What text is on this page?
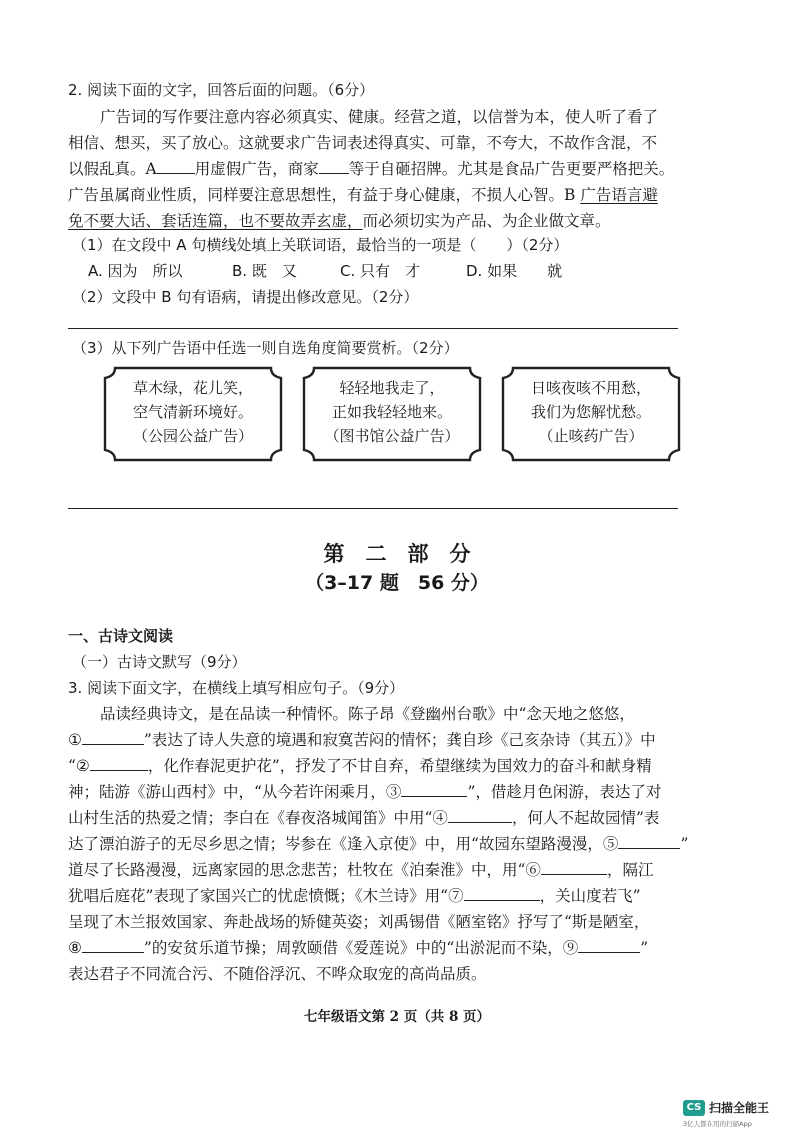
2. 阅读下面的文字，回答后面的问题。（6分）
广告词的写作要注意内容必须真实、健康。经营之道，以信誉为本，使人听了看了
相信、想买，买了放心。这就要求广告词表述得真实、可靠，不夸大，不故作含混，不
以假乱真。A 用虚假广告，商家 等于自砸招牌。尤其是食品广告更要严格把关。
广告虽属商业性质，同样要注意思想性，有益于身心健康，不损人心智。B 广告语言避
免不要大话、套话连篇，也不要故弄玄虚，而必须切实为产品、为企业做文章。
（1）在文段中 A 句横线处填上关联词语，最恰当的一项是（　　）（2分）
A. 因为　所以	B. 既　又	C. 只有　才	D. 如果　　就
（2）文段中 B 句有语病，请提出修改意见。（2分）
（3）从下列广告语中任选一则自选角度简要赏析。（2分）
草木绿，花儿笑，
空气清新环境好。
（公园公益广告）
轻轻地我走了，
正如我轻轻地来。
（图书馆公益广告）
日咳夜咳不用愁，
我们为您解忧愁。
（止咳药广告）
第　二　部　分
（3–17 题　56 分）
一、古诗文阅读
（一）古诗文默写（9分）
3. 阅读下面文字，在横线上填写相应句子。（9分）
品读经典诗文，是在品读一种情怀。陈子昂《登幽州台歌》中“念天地之悠悠，
①	”表达了诗人失意的境遇和寂寞苦闷的情怀；龚自珍《己亥杂诗（其五）》中
“②	，化作春泥更护花”，抒发了不甘自弃，希望继续为国效力的奋斗和献身精
神；陆游《游山西村》中，“从今若许闲乘月，③	”，借趁月色闲游，表达了对
山村生活的热爱之情；李白在《春夜洛城闻笛》中用“④	，何人不起故园情”表
达了漂泊游子的无尽乡思之情；岑参在《逢入京使》中，用“故园东望路漫漫，⑤	”
道尽了长路漫漫，远离家园的思念悲苦；杜牧在《泊秦淮》中，用“⑥	，隔江
犹唱后庭花”表现了家国兴亡的忧虑愤慨；《木兰诗》用“⑦	，关山度若飞”
呈现了木兰报效国家、奔赴战场的矫健英姿；刘禹锡借《陋室铭》抒写了“斯是陋室，
⑧	”的安贫乐道节操；周敦颐借《爱莲说》中的“出淤泥而不染，⑨	”
表达君子不同流合污、不随俗浮沉、不哗众取宠的高尚品质。
七年级语文第 2 页（共 8 页）
CS 扫描全能王
3亿人都在用的扫描App
